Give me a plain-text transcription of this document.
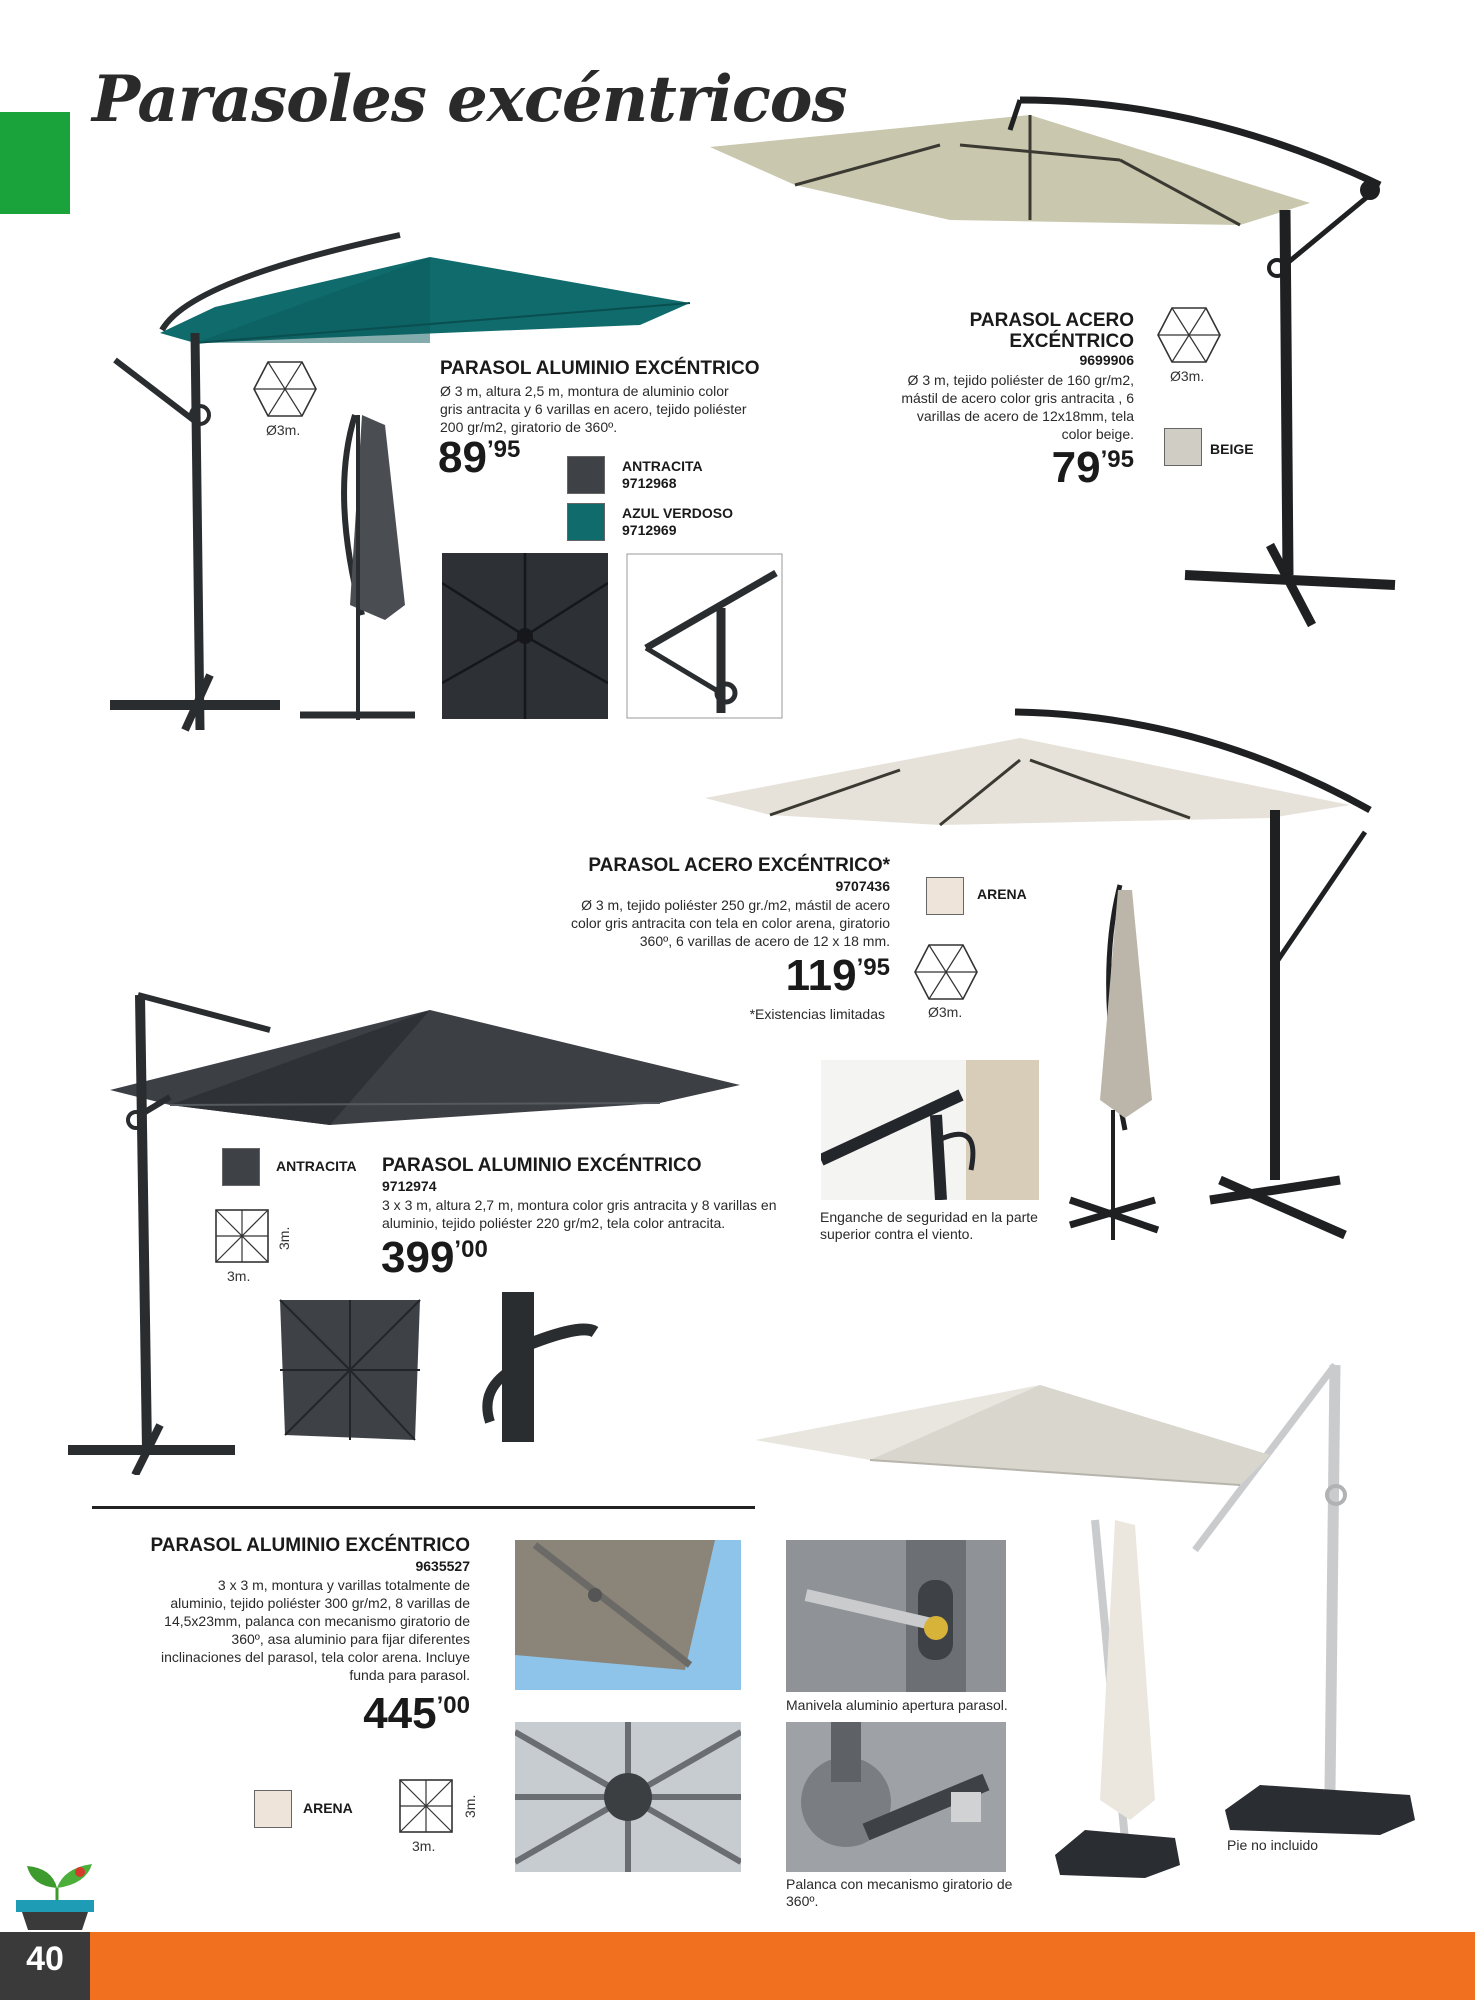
Parasoles excéntricos
Ø3m.
PARASOL ALUMINIO EXCÉNTRICO
Ø 3 m, altura 2,5 m, montura de aluminio color gris antracita y 6 varillas en acero, tejido poliéster 200 gr/m2, giratorio de 360º.
$89^{’95}$
ANTRACITA
9712968
AZUL VERDOSO
9712969
PARASOL ACERO
EXCÉNTRICO
9699906
Ø 3 m, tejido poliéster de 160 gr/m2, mástil de acero color gris antracita , 6 varillas de acero de 12x18mm, tela color beige.
$79^{’95}$
Ø3m.
BEIGE
PARASOL ACERO EXCÉNTRICO*
9707436
Ø 3 m, tejido poliéster 250 gr./m2, mástil de acero color gris antracita con tela en color arena, giratorio 360º, 6 varillas de acero de 12 x 18 mm.
$119^{’95}$
*Existencias limitadas
ARENA
Ø3m.
Enganche de seguridad en la parte superior contra el viento.
ANTRACITA
3m.
3m.
PARASOL ALUMINIO EXCÉNTRICO
9712974
3 x 3 m, altura 2,7 m, montura color gris antracita y 8 varillas en aluminio, tejido poliéster 220 gr/m2, tela color antracita.
$399^{’00}$
PARASOL ALUMINIO EXCÉNTRICO
9635527
3 x 3 m, montura y varillas totalmente de aluminio, tejido poliéster 300 gr/m2, 8 varillas de 14,5x23mm, palanca con mecanismo giratorio de 360º, asa aluminio para fijar diferentes inclinaciones del parasol, tela color arena. Incluye funda para parasol.
$445^{’00}$
ARENA
3m.
3m.
Manivela aluminio apertura parasol.
Palanca con mecanismo giratorio de 360º.
Pie no incluido
40
